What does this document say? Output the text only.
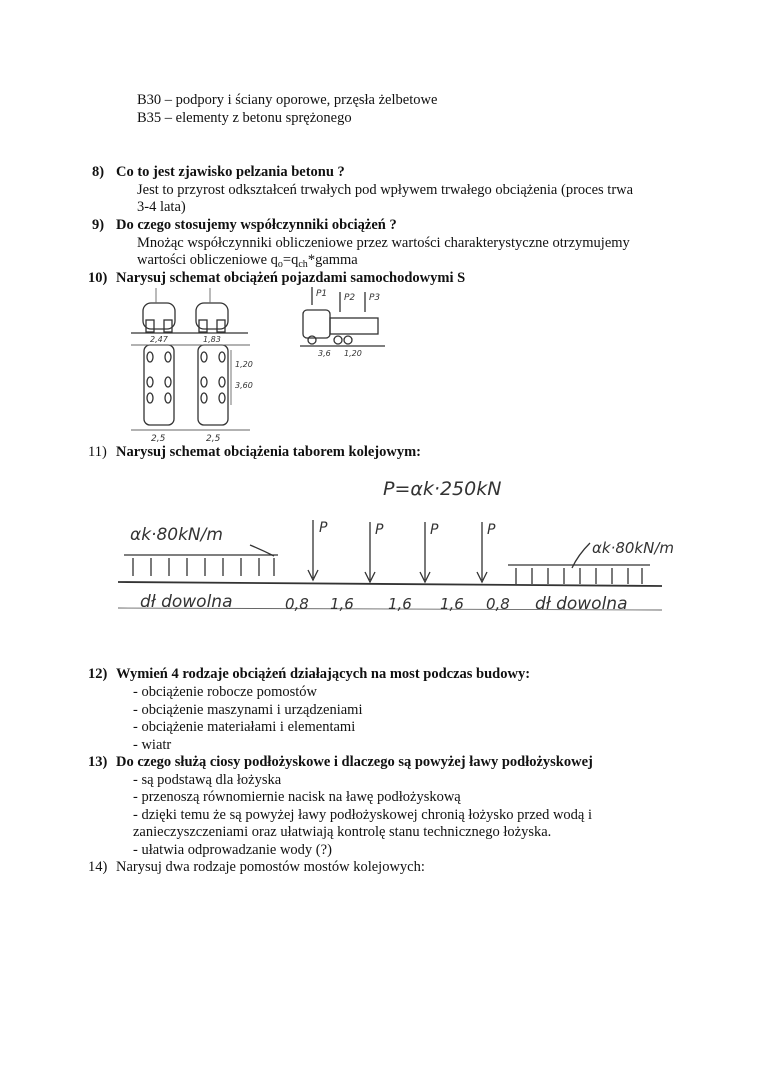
B30 – podpory i ściany oporowe, przęsła żelbetowe
B35 – elementy z betonu sprężonego
8) Co to jest zjawisko pelzania betonu ?
Jest to przyrost odkształceń trwałych pod wpływem trwałego obciążenia (proces trwa
3-4 lata)
9) Do czego stosujemy współczynniki obciążeń ?
Mnożąc współczynniki obliczeniowe przez wartości charakterystyczne otrzymujemy
wartości obliczeniowe $q_o=q_{ch}*gamma$
10) Narysuj schemat obciążeń pojazdami samochodowymi S
2,47	1,83
1,20
3,60
2,5	2,5
P1 P2 P3
3,6 1,20
11) Narysuj schemat obciążenia taborem kolejowym:
P=αk·250kN
αk·80kN/m
αk·80kN/m
P	P	P	P
dł dowolna	0,8 1,6 1,6 1,6 0,8 dł dowolna
12) Wymień 4 rodzaje obciążeń działających na most podczas budowy:
- obciążenie robocze pomostów
- obciążenie maszynami i urządzeniami
- obciążenie materiałami i elementami
- wiatr
13) Do czego służą ciosy podłożyskowe i dlaczego są powyżej ławy podłożyskowej
- są podstawą dla łożyska
- przenoszą równomiernie nacisk na ławę podłożyskową
- dzięki temu że są powyżej ławy podłożyskowej chronią łożysko przed wodą i
zanieczyszczeniami oraz ułatwiają kontrolę stanu technicznego łożyska.
- ułatwia odprowadzanie wody (?)
14) Narysuj dwa rodzaje pomostów mostów kolejowych:
